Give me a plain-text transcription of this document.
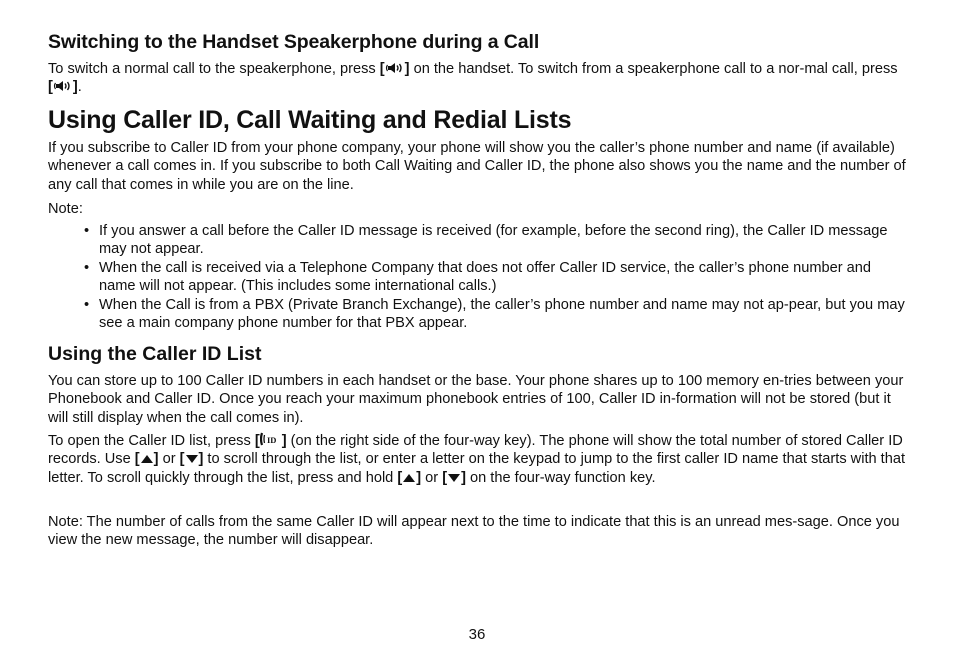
Switching to the Handset Speakerphone during a Call

To switch a normal call to the speakerphone, press [ ] on the handset. To switch from a speakerphone call to a nor-mal call, press [ ].

Using Caller ID, Call Waiting and Redial Lists

If you subscribe to Caller ID from your phone company, your phone will show you the caller’s phone number and name (if available) whenever a call comes in. If you subscribe to both Call Waiting and Caller ID, the phone also shows you the name and the number of any call that comes in while you are on the line.

Note:

• If you answer a call before the Caller ID message is received (for example, before the second ring), the Caller ID message may not appear.
• When the call is received via a Telephone Company that does not offer Caller ID service, the caller’s phone number and name will not appear. (This includes some international calls.)
• When the Call is from a PBX (Private Branch Exchange), the caller’s phone number and name may not ap-pear, but you may see a main company phone number for that PBX appear.
Using the Caller ID List

You can store up to 100 Caller ID numbers in each handset or the base. Your phone shares up to 100 memory en-tries between your Phonebook and Caller ID. Once you reach your maximum phonebook entries of 100, Caller ID in-formation will not be stored (but it will still display when the call comes in).

To open the Caller ID list, press [ ID ] (on the right side of the four-way key). The phone will show the total number of stored Caller ID records. Use [ ] or [ ] to scroll through the list, or enter a letter on the keypad to jump to the first caller ID name that starts with that letter. To scroll quickly through the list, press and hold [ ] or [ ] on the four-way function key.

Note: The number of calls from the same Caller ID will appear next to the time to indicate that this is an unread mes-sage. Once you view the new message, the number will disappear.

36
